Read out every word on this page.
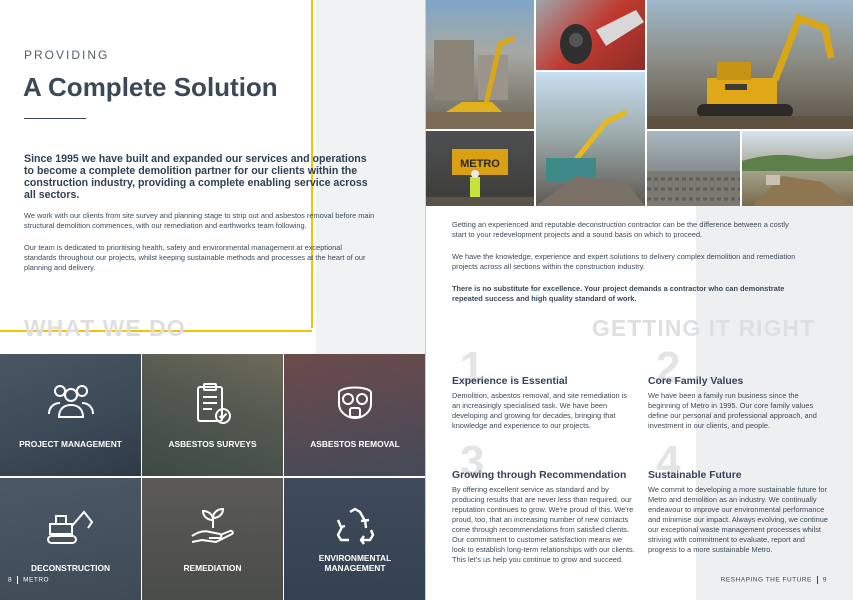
PROVIDING
A Complete Solution

Since 1995 we have built and expanded our services and operations to become a complete demolition partner for our clients within the construction industry, providing a complete enabling service across all sectors.

We work with our clients from site survey and planning stage to strip out and asbestos removal before main structural demolition commences, with our remediation and earthworks team following.

Our team is dedicated to prioritising health, safety and environmental management at exceptional standards throughout our projects, whilst keeping sustainable methods and processes at the heart of our planning and delivery.

WHAT WE DO
PROJECT MANAGEMENT	ASBESTOS SURVEYS	ASBESTOS REMOVAL
DECONSTRUCTION	REMEDIATION
ENVIRONMENTAL MANAGEMENT
8 METRO
METRO

Getting an experienced and reputable deconstruction contractor can be the difference between a costly start to your redevelopment projects and a sound basis on which to proceed.

We have the knowledge, experience and expert solutions to delivery complex demolition and remediation projects across all sections within the construction industry.

There is no substitute for excellence. Your project demands a contractor who can demonstrate repeated success and high quality standard of work.

GETTING IT RIGHT
1
Experience is Essential

Demolition, asbestos removal, and site remediation is an increasingly specialised task. We have been developing and growing for decades, bringing that knowledge and experience to our projects.

2
Core Family Values

We have been a family run business since the beginning of Metro in 1995. Our core family values define our personal and professional approach, and investment in our clients, and people.

3
Growing through Recommendation

By offering excellent service as standard and by producing results that are never less than required, our reputation continues to grow. We're proud of this. We're proud, too, that an increasing number of new contacts come through recommendations from satisfied clients. Our commitment to customer satisfaction means we look to establish long-term relationships with our clients. This let's us help you continue to grow and succeed.

4
Sustainable Future

We commit to developing a more sustainable future for Metro and demolition as an industry. We continually endeavour to improve our environmental performance and minimise our impact. Always evolving, we continue our exceptional waste management processes whilst striving with commitment to evaluate, report and progress to a more sustainable Metro.

RESHAPING THE FUTURE 9
